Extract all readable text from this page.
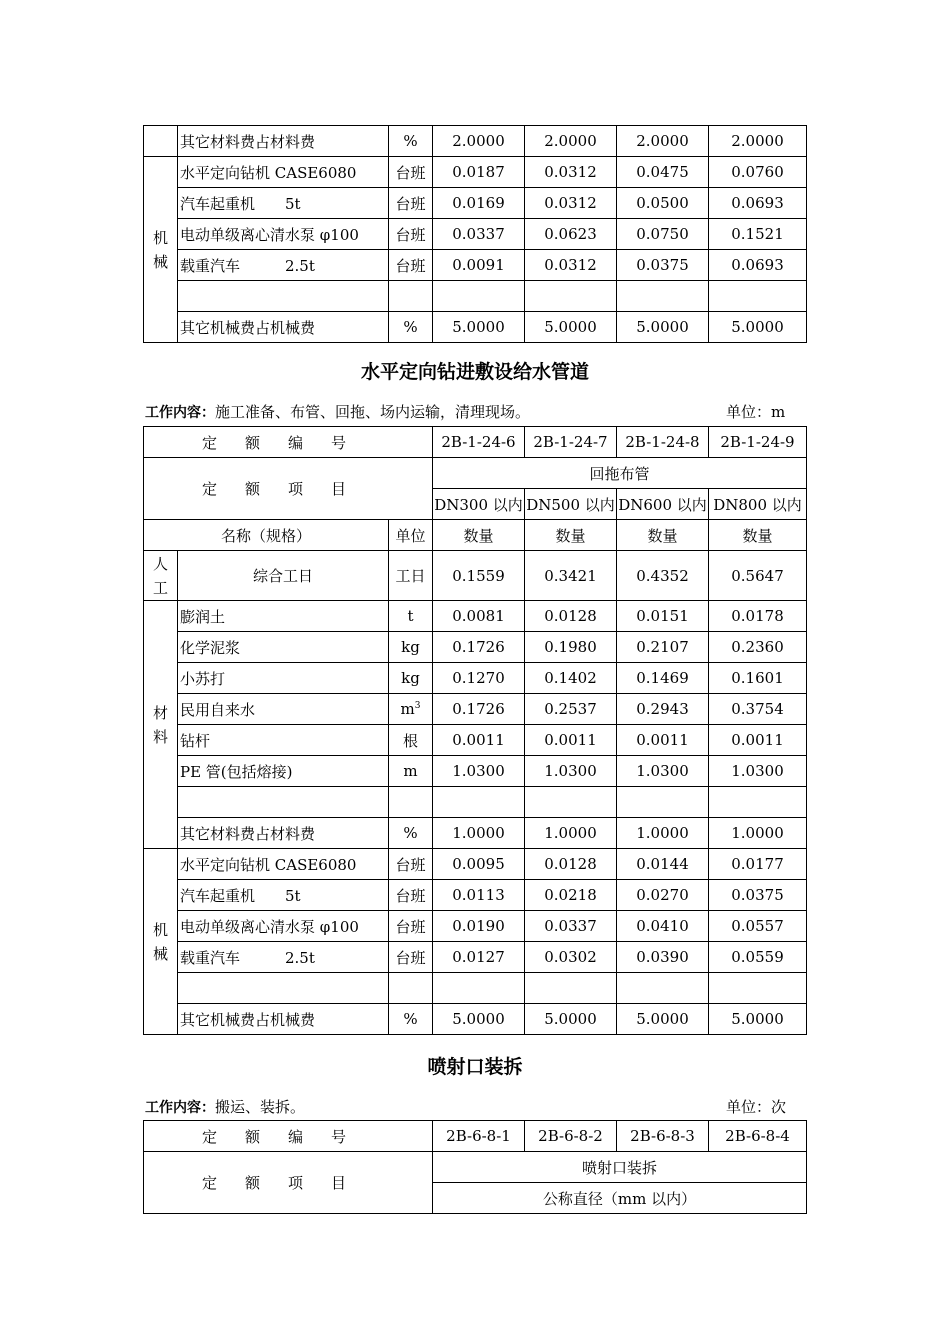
	其它材料费占材料费	%	2.0000	2.0000	2.0000	2.0000
机
械	水平定向钻机 CASE6080	台班	0.0187	0.0312	0.0475	0.0760
	汽车起重机　　5t	台班	0.0169	0.0312	0.0500	0.0693
	电动单级离心清水泵 φ100	台班	0.0337	0.0623	0.0750	0.1521
	载重汽车　　　2.5t	台班	0.0091	0.0312	0.0375	0.0693

	其它机械费占机械费	%	5.0000	5.0000	5.0000	5.0000
水平定向钻进敷设给水管道
工作内容：施工准备、布管、回拖、场内运输，清理现场。	单位：m
定额编号			2B-1-24-6	2B-1-24-7	2B-1-24-8	2B-1-24-9
定额项目			回拖布管			
			DN300 以内	DN500 以内	DN600 以内	DN800 以内
名称（规格）		单位	数量	数量	数量	数量
人
工	综合工日	工日	0.1559	0.3421	0.4352	0.5647
材
料	膨润土	t	0.0081	0.0128	0.0151	0.0178
	化学泥浆	kg	0.1726	0.1980	0.2107	0.2360
	小苏打	kg	0.1270	0.1402	0.1469	0.1601
	民用自来水	$m^3$	0.1726	0.2537	0.2943	0.3754
	钻杆	根	0.0011	0.0011	0.0011	0.0011
	PE 管(包括熔接)	m	1.0300	1.0300	1.0300	1.0300

	其它材料费占材料费	%	1.0000	1.0000	1.0000	1.0000
机
械	水平定向钻机 CASE6080	台班	0.0095	0.0128	0.0144	0.0177
	汽车起重机　　5t	台班	0.0113	0.0218	0.0270	0.0375
	电动单级离心清水泵 φ100	台班	0.0190	0.0337	0.0410	0.0557
	载重汽车　　　2.5t	台班	0.0127	0.0302	0.0390	0.0559

	其它机械费占机械费	%	5.0000	5.0000	5.0000	5.0000
喷射口装拆
工作内容：搬运、装拆。	单位：次
定额编号	2B-6-8-1	2B-6-8-2	2B-6-8-3	2B-6-8-4
定额项目	喷射口装拆			
	公称直径（mm 以内）			
